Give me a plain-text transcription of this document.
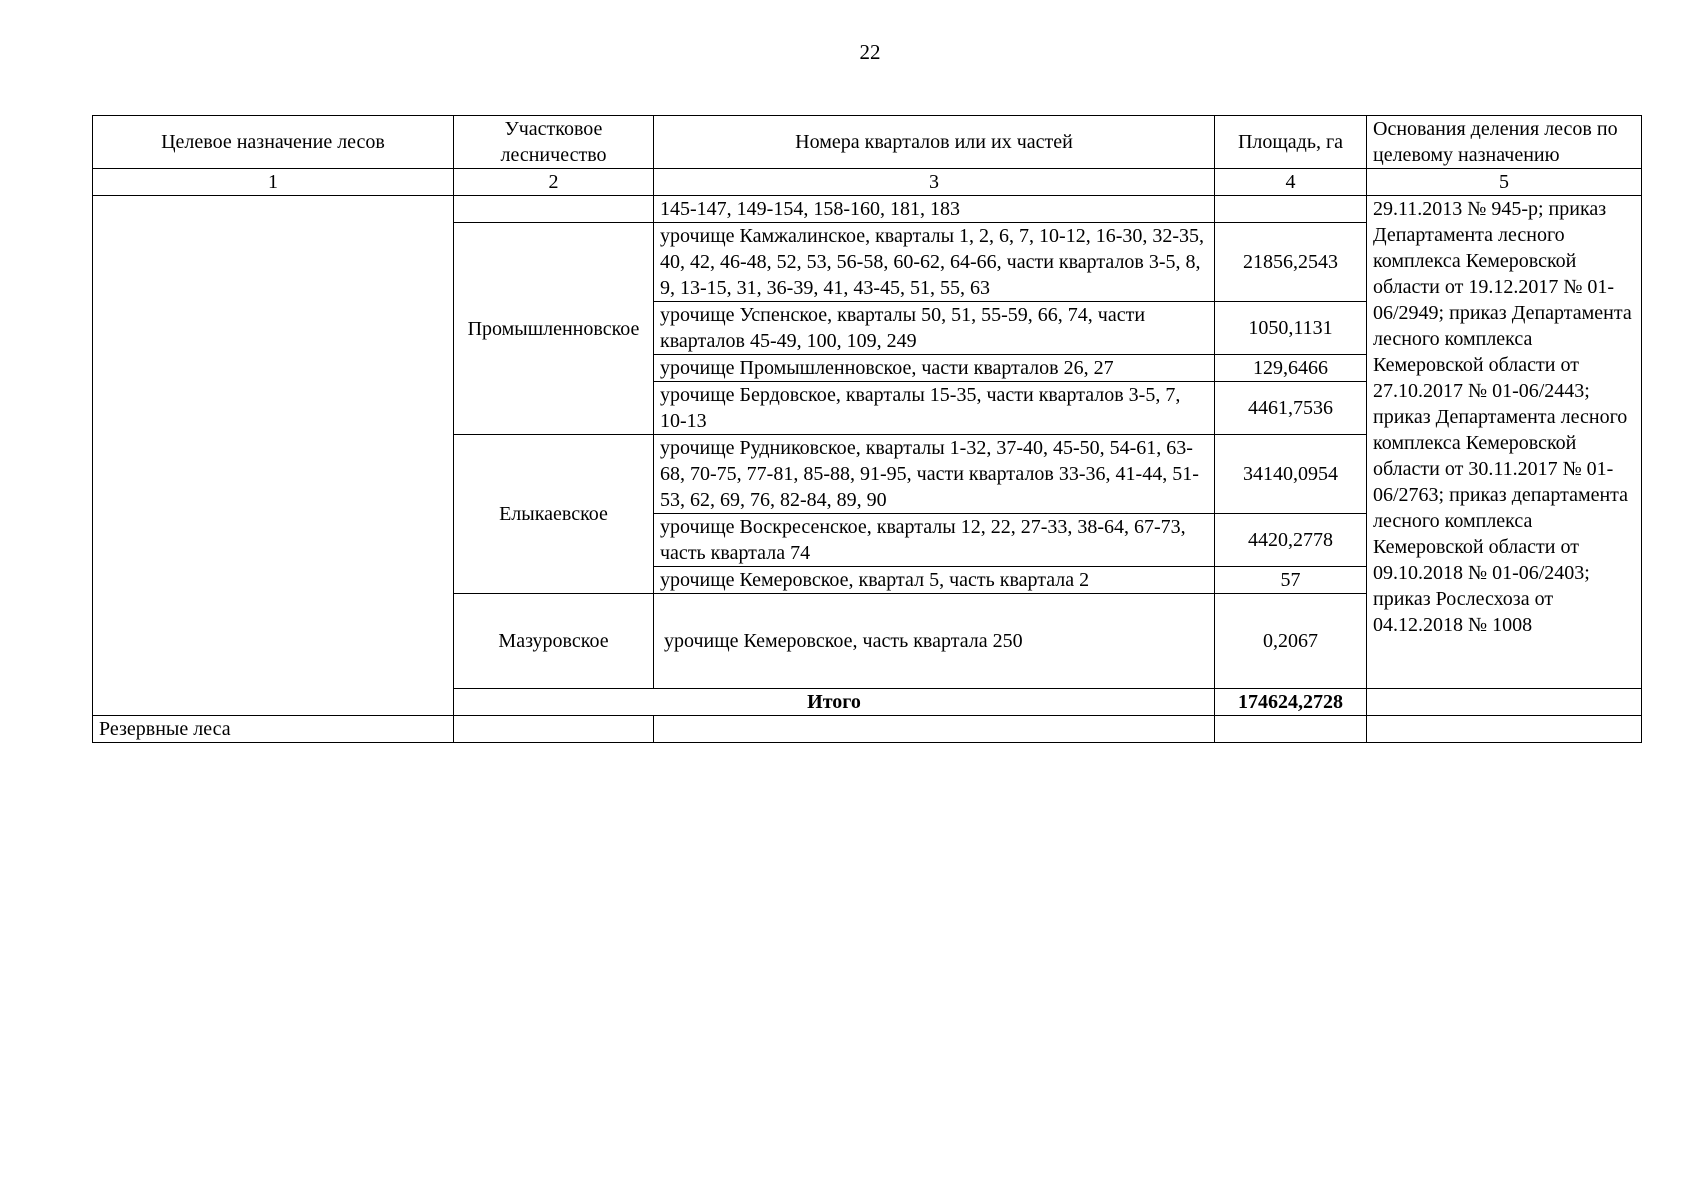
22
Целевое назначение лесов	Участковое лесничество	Номера кварталов или их частей	Площадь, га	Основания деления лесов по целевому назначению
1	2	3	4	5
		145-147, 149-154, 158-160, 181, 183		29.11.2013 № 945-р; приказ Департамента лесного комплекса Кемеровской области от 19.12.2017 № 01-06/2949; приказ Департамента лесного комплекса Кемеровской области от 27.10.2017 № 01-06/2443; приказ Департамента лесного комплекса Кемеровской области от 30.11.2017 № 01-06/2763; приказ департамента лесного комплекса Кемеровской области от 09.10.2018 № 01-06/2403; приказ Рослесхоза от 04.12.2018 № 1008
	Промышленновское	урочище Камжалинское, кварталы 1, 2, 6, 7, 10-12, 16-30, 32-35, 40, 42, 46-48, 52, 53, 56-58, 60-62, 64-66, части кварталов 3-5, 8, 9, 13-15, 31, 36-39, 41, 43-45, 51, 55, 63	21856,2543	
		урочище Успенское, кварталы 50, 51, 55-59, 66, 74, части кварталов 45-49, 100, 109, 249	1050,1131	
		урочище Промышленновское, части кварталов 26, 27	129,6466	
		урочище Бердовское, кварталы 15-35, части кварталов 3-5, 7, 10-13	4461,7536	
	Елыкаевское	урочище Рудниковское, кварталы 1-32, 37-40, 45-50, 54-61, 63-68, 70-75, 77-81, 85-88, 91-95, части кварталов 33-36, 41-44, 51-53, 62, 69, 76, 82-84, 89, 90	34140,0954	
		урочище Воскресенское, кварталы 12, 22, 27-33, 38-64, 67-73, часть квартала 74	4420,2778	
		урочище Кемеровское, квартал 5, часть квартала 2	57	
	Мазуровское	урочище Кемеровское, часть квартала 250	0,2067	
	Итого		174624,2728	
Резервные леса				
